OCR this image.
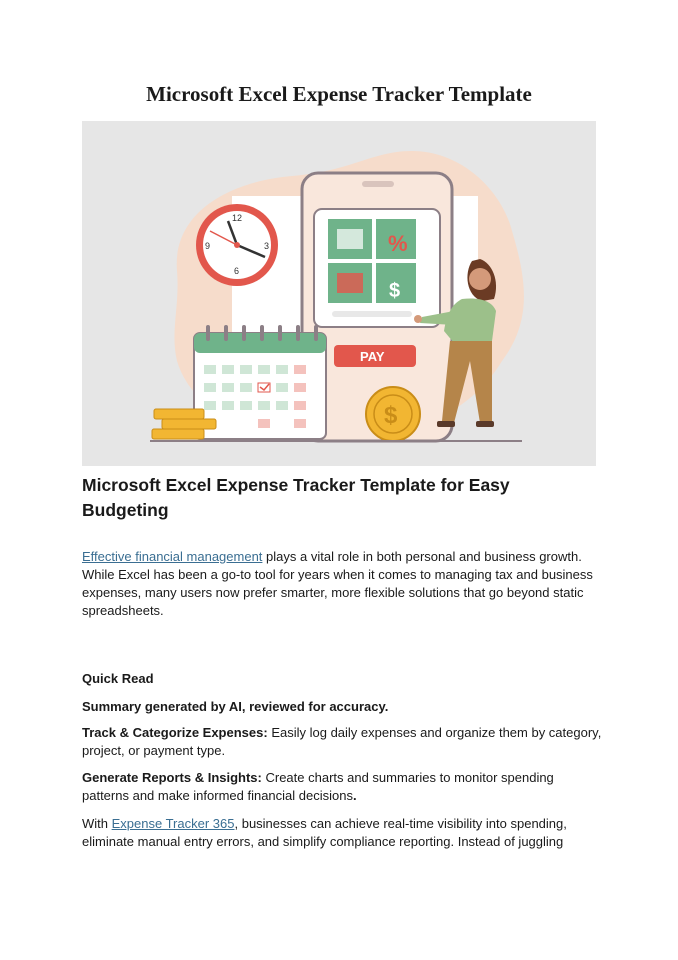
Microsoft Excel Expense Tracker Template
12
3
6
9	%
$
PAY
$
Microsoft Excel Expense Tracker Template for Easy Budgeting

Effective financial management plays a vital role in both personal and business growth. While Excel has been a go-to tool for years when it comes to managing tax and business expenses, many users now prefer smarter, more flexible solutions that go beyond static spreadsheets.

Quick Read

Summary generated by AI, reviewed for accuracy.

Track & Categorize Expenses: Easily log daily expenses and organize them by category, project, or payment type.

Generate Reports & Insights: Create charts and summaries to monitor spending patterns and make informed financial decisions.

With Expense Tracker 365, businesses can achieve real-time visibility into spending, eliminate manual entry errors, and simplify compliance reporting. Instead of juggling
